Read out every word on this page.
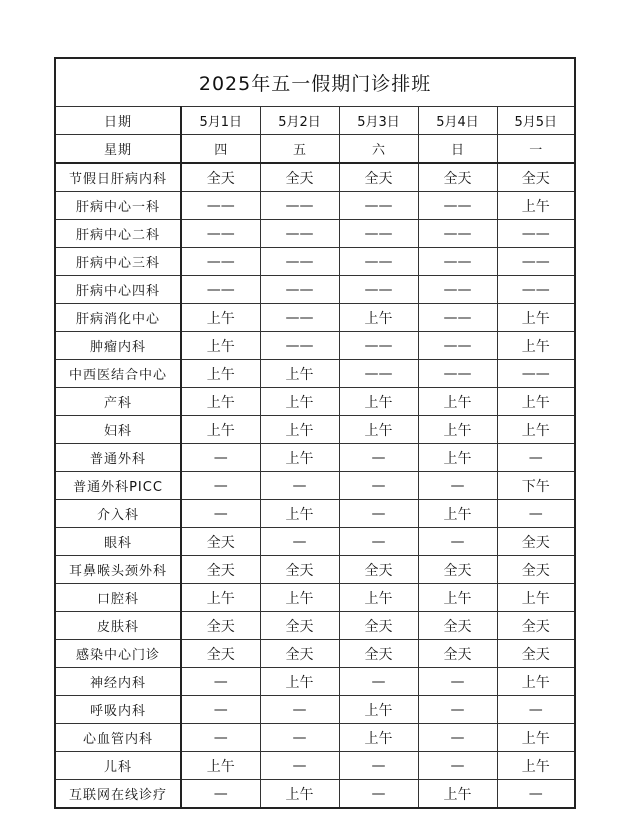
2025年五一假期门诊排班					
日期	5月1日	5月2日	5月3日	5月4日	5月5日
星期	四	五	六	日	一
节假日肝病内科	全天	全天	全天	全天	全天
肝病中心一科	——	——	——	——	上午
肝病中心二科	——	——	——	——	——
肝病中心三科	——	——	——	——	——
肝病中心四科	——	——	——	——	——
肝病消化中心	上午	——	上午	——	上午
肿瘤内科	上午	——	——	——	上午
中西医结合中心	上午	上午	——	——	——
产科	上午	上午	上午	上午	上午
妇科	上午	上午	上午	上午	上午
普通外科	—	上午	—	上午	—
普通外科PICC	—	—	—	—	下午
介入科	—	上午	—	上午	—
眼科	全天	—	—	—	全天
耳鼻喉头颈外科	全天	全天	全天	全天	全天
口腔科	上午	上午	上午	上午	上午
皮肤科	全天	全天	全天	全天	全天
感染中心门诊	全天	全天	全天	全天	全天
神经内科	—	上午	—	—	上午
呼吸内科	—	—	上午	—	—
心血管内科	—	—	上午	—	上午
儿科	上午	—	—	—	上午
互联网在线诊疗	—	上午	—	上午	—
